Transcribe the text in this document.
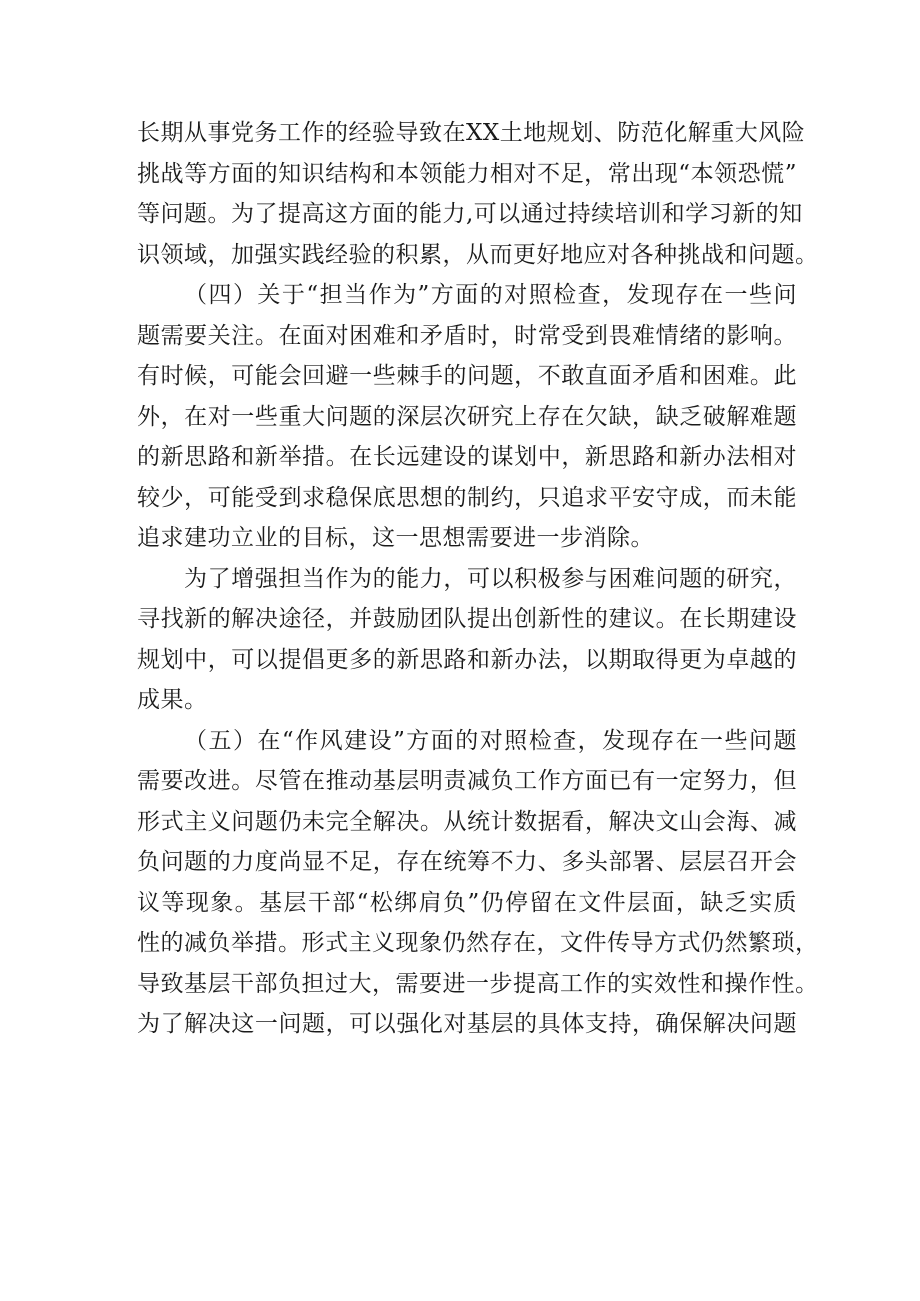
长期从事党务工作的经验导致在XX土地规划、防范化解重大风险
挑战等方面的知识结构和本领能力相对不足，常出现“本领恐慌”
等问题。为了提高这方面的能力,可以通过持续培训和学习新的知
识领域，加强实践经验的积累，从而更好地应对各种挑战和问题。
（四）关于“担当作为”方面的对照检查，发现存在一些问
题需要关注。在面对困难和矛盾时，时常受到畏难情绪的影响。
有时候，可能会回避一些棘手的问题，不敢直面矛盾和困难。此
外，在对一些重大问题的深层次研究上存在欠缺，缺乏破解难题
的新思路和新举措。在长远建设的谋划中，新思路和新办法相对
较少，可能受到求稳保底思想的制约，只追求平安守成，而未能
追求建功立业的目标，这一思想需要进一步消除。
为了增强担当作为的能力，可以积极参与困难问题的研究，
寻找新的解决途径，并鼓励团队提出创新性的建议。在长期建设
规划中，可以提倡更多的新思路和新办法，以期取得更为卓越的
成果。
（五）在“作风建设”方面的对照检查，发现存在一些问题
需要改进。尽管在推动基层明责减负工作方面已有一定努力，但
形式主义问题仍未完全解决。从统计数据看，解决文山会海、减
负问题的力度尚显不足，存在统筹不力、多头部署、层层召开会
议等现象。基层干部“松绑肩负”仍停留在文件层面，缺乏实质
性的减负举措。形式主义现象仍然存在，文件传导方式仍然繁琐，
导致基层干部负担过大，需要进一步提高工作的实效性和操作性。
为了解决这一问题，可以强化对基层的具体支持，确保解决问题
